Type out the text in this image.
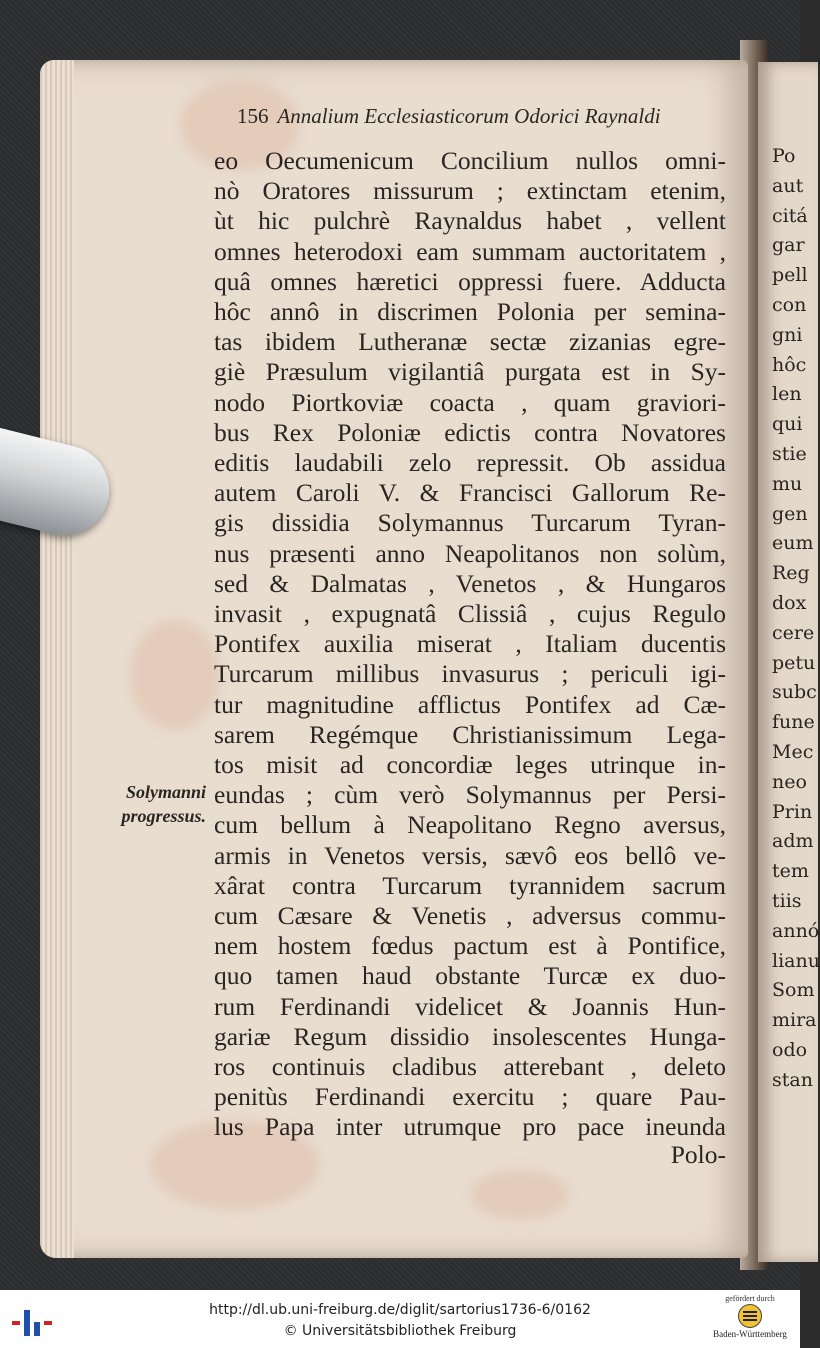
Po
aut
citá
gar
pell
con
gni
hôc
len
qui
stie
mu
gen
eum
Reg
dox
cere
petu
subc
fune
Mec
neo
Prin
adm
tem
tiis
annó
lianu
Som
mira
odo
stan
156 Annalium Ecclesiasticorum Odorici Raynaldi
eo Oecumenicum Concilium nullos omni-
nò Oratores missurum ; extinctam etenim,
ùt hic pulchrè Raynaldus habet , vellent
omnes heterodoxi eam summam auctoritatem ,
quâ omnes hæretici oppressi fuere. Adducta
hôc annô in discrimen Polonia per semina-
tas ibidem Lutheranæ sectæ zizanias egre-
giè Præsulum vigilantiâ purgata est in Sy-
nodo Piortkoviæ coacta , quam graviori-
bus Rex Poloniæ edictis contra Novatores
editis laudabili zelo repressit. Ob assidua
autem Caroli V. & Francisci Gallorum Re-
gis dissidia Solymannus Turcarum Tyran-
nus præsenti anno Neapolitanos non solùm,
sed & Dalmatas , Venetos , & Hungaros
invasit , expugnatâ Clissiâ , cujus Regulo
Pontifex auxilia miserat , Italiam ducentis
Turcarum millibus invasurus ; periculi igi-
tur magnitudine afflictus Pontifex ad Cæ-
sarem Regémque Christianissimum Lega-
tos misit ad concordiæ leges utrinque in-
eundas ; cùm verò Solymannus per Persi-
cum bellum à Neapolitano Regno aversus,
armis in Venetos versis, sævô eos bellô ve-
xârat contra Turcarum tyrannidem sacrum
cum Cæsare & Venetis , adversus commu-
nem hostem fœdus pactum est à Pontifice,
quo tamen haud obstante Turcæ ex duo-
rum Ferdinandi videlicet & Joannis Hun-
gariæ Regum dissidio insolescentes Hunga-
ros continuis cladibus atterebant , deleto
penitùs Ferdinandi exercitu ; quare Pau-
lus Papa inter utrumque pro pace ineunda
Solymanni
progressus.
Polo-
http://dl.ub.uni-freiburg.de/diglit/sartorius1736-6/0162
© Universitätsbibliothek Freiburg
gefördert durch
Baden-Württemberg
